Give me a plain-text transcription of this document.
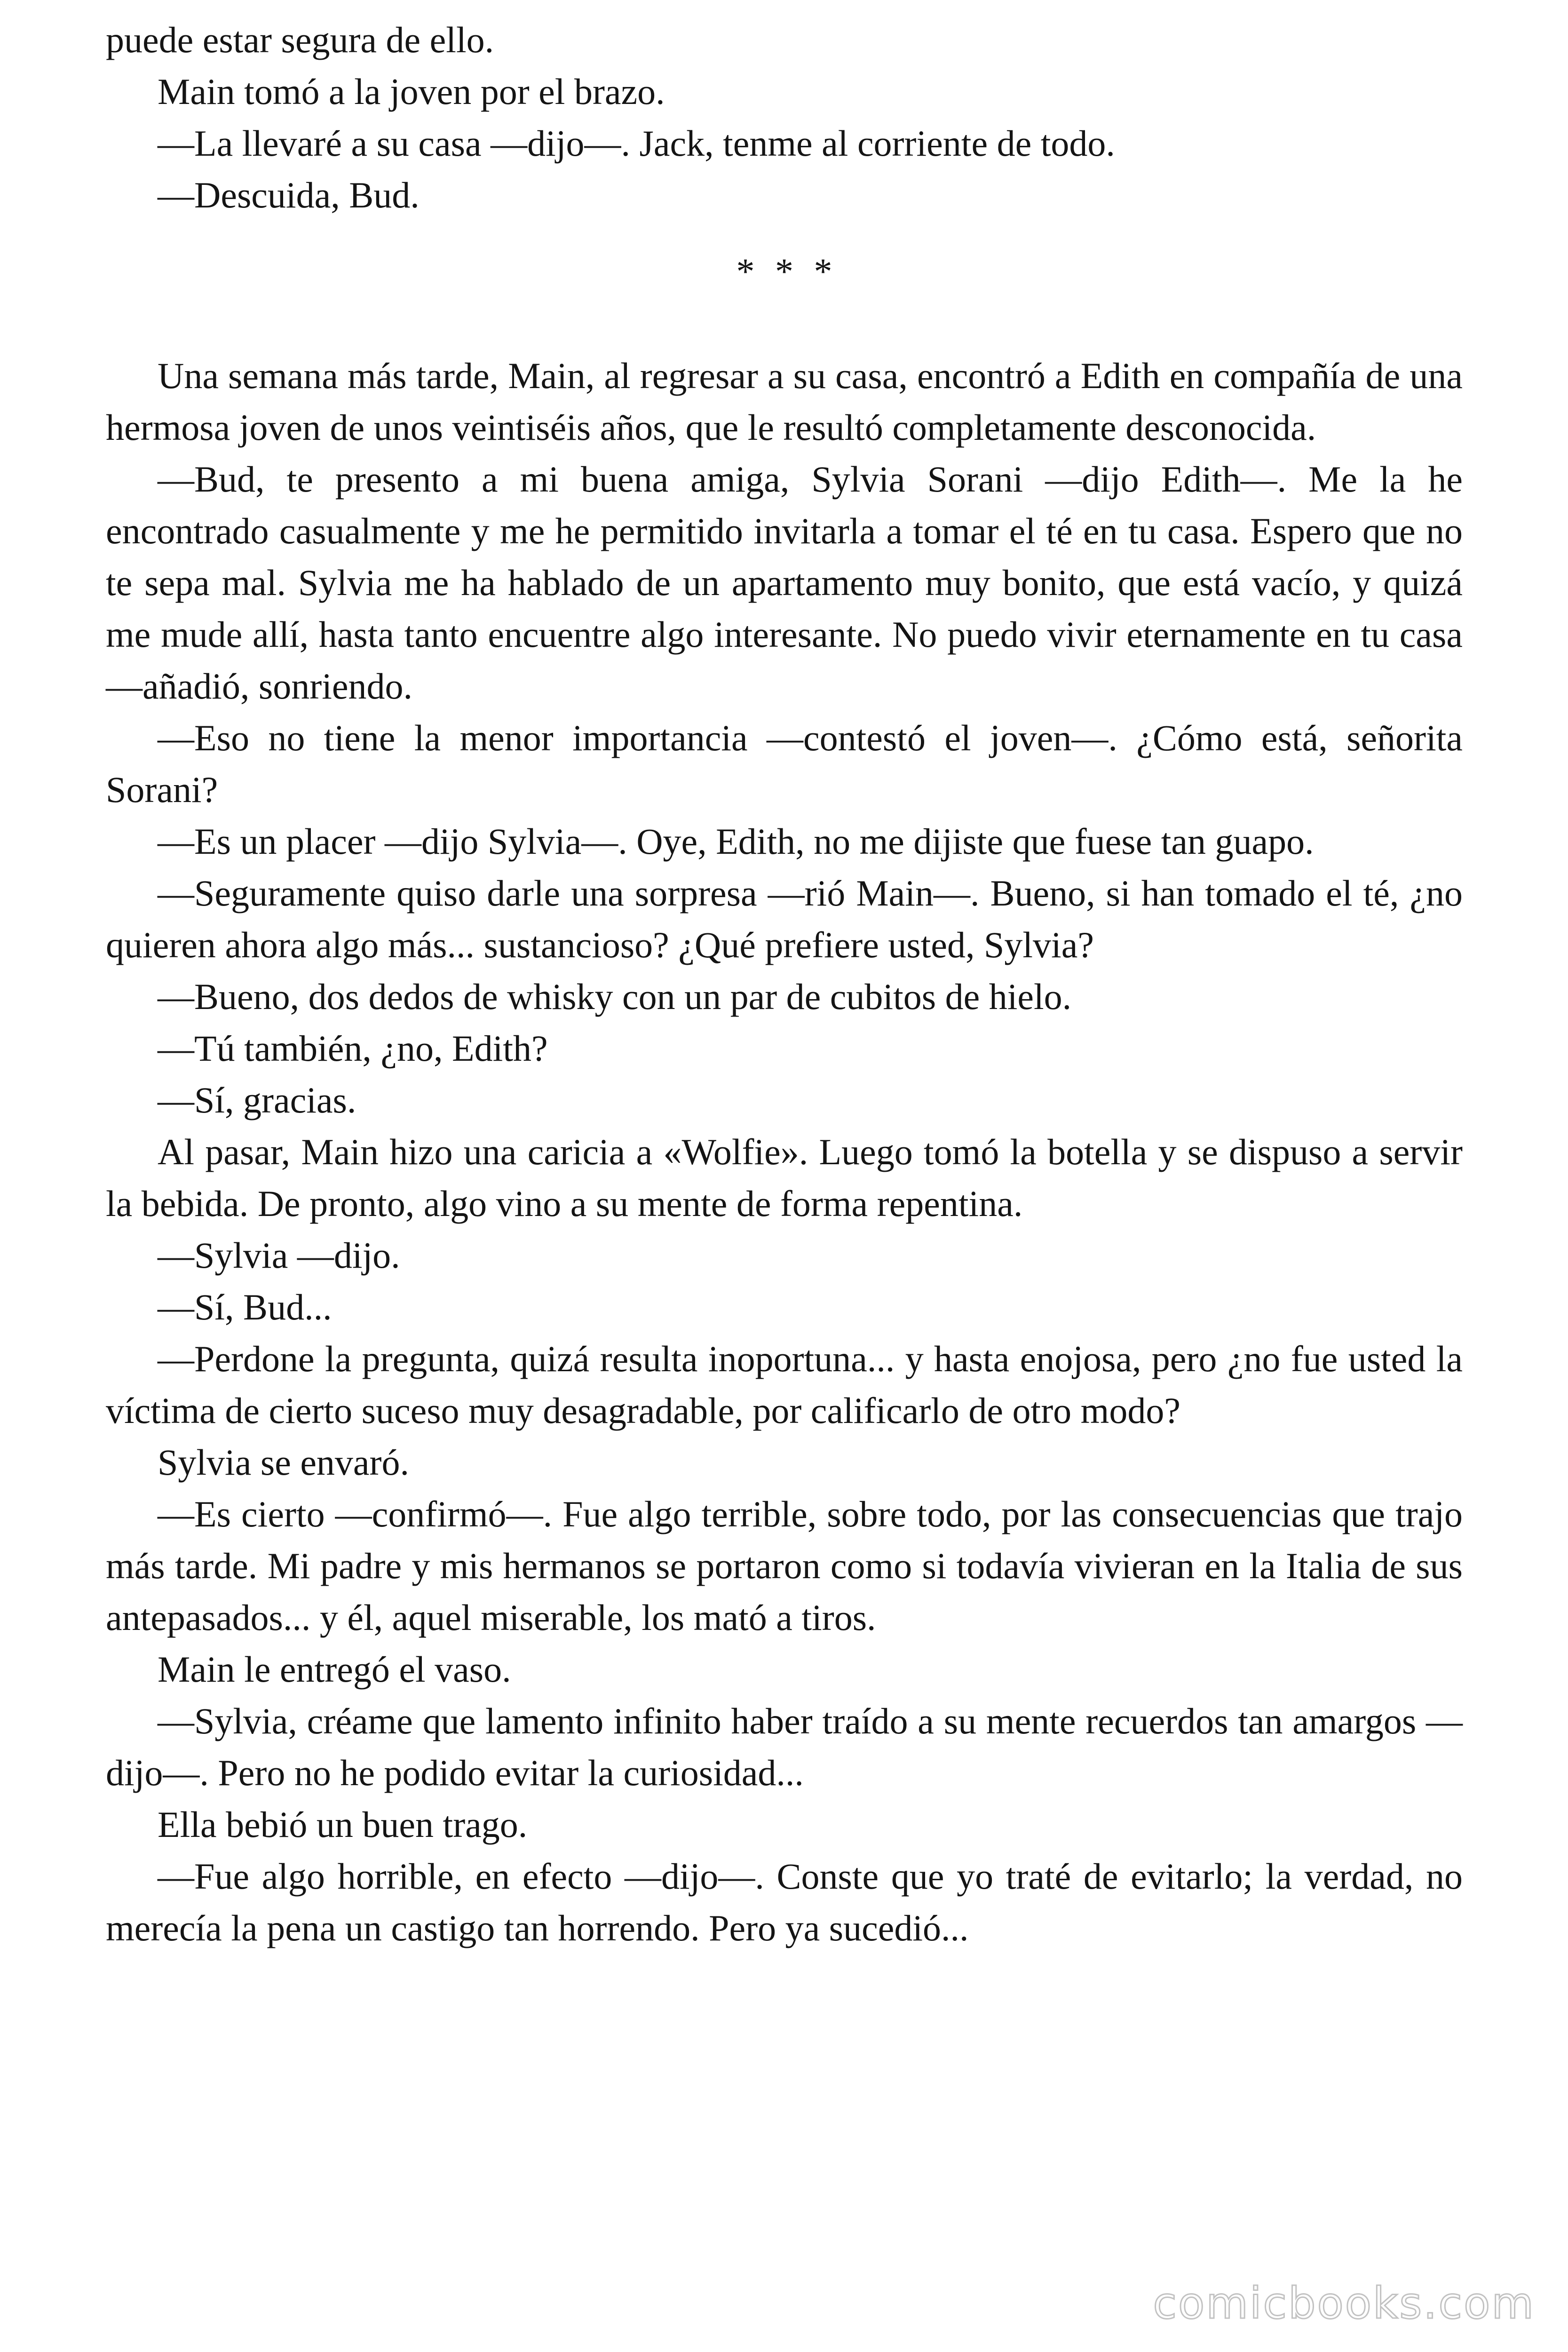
puede estar segura de ello.

Main tomó a la joven por el brazo.

—La llevaré a su casa —dijo—. Jack, tenme al corriente de todo.

—Descuida, Bud.

* * *

Una semana más tarde, Main, al regresar a su casa, encontró a Edith en compañía de una hermosa joven de unos veintiséis años, que le resultó completamente desconocida.

—Bud, te presento a mi buena amiga, Sylvia Sorani —dijo Edith—. Me la he encontrado casualmente y me he permitido invitarla a tomar el té en tu casa. Espero que no te sepa mal. Sylvia me ha hablado de un apartamento muy bonito, que está vacío, y quizá me mude allí, hasta tanto encuentre algo interesante. No puedo vivir eternamente en tu casa —añadió, sonriendo.

—Eso no tiene la menor importancia —contestó el joven—. ¿Cómo está, señorita Sorani?

—Es un placer —dijo Sylvia—. Oye, Edith, no me dijiste que fuese tan guapo.

—Seguramente quiso darle una sorpresa —rió Main—. Bueno, si han tomado el té, ¿no quieren ahora algo más... sustancioso? ¿Qué prefiere usted, Sylvia?

—Bueno, dos dedos de whisky con un par de cubitos de hielo.

—Tú también, ¿no, Edith?

—Sí, gracias.

Al pasar, Main hizo una caricia a «Wolfie». Luego tomó la botella y se dispuso a servir la bebida. De pronto, algo vino a su mente de forma repentina.

—Sylvia —dijo.

—Sí, Bud...

—Perdone la pregunta, quizá resulta inoportuna... y hasta enojosa, pero ¿no fue usted la víctima de cierto suceso muy desagradable, por calificarlo de otro modo?

Sylvia se envaró.

—Es cierto —confirmó—. Fue algo terrible, sobre todo, por las consecuencias que trajo más tarde. Mi padre y mis hermanos se portaron como si todavía vivieran en la Italia de sus antepasados... y él, aquel miserable, los mató a tiros.

Main le entregó el vaso.

—Sylvia, créame que lamento infinito haber traído a su mente recuerdos tan amargos —dijo—. Pero no he podido evitar la curiosidad...

Ella bebió un buen trago.

—Fue algo horrible, en efecto —dijo—. Conste que yo traté de evitarlo; la verdad, no merecía la pena un castigo tan horrendo. Pero ya sucedió...

comicbooks.com
